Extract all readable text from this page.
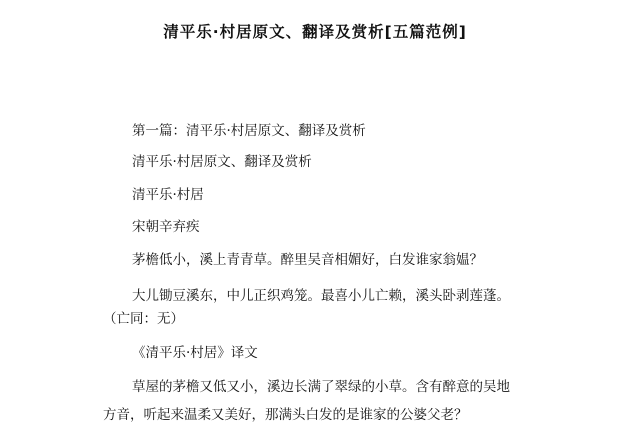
清平乐·村居原文、翻译及赏析[五篇范例]
第一篇：清平乐·村居原文、翻译及赏析
清平乐·村居原文、翻译及赏析
清平乐·村居
宋朝辛弃疾
茅檐低小，溪上青青草。醉里吴音相媚好，白发谁家翁媪？
大儿锄豆溪东，中儿正织鸡笼。最喜小儿亡赖，溪头卧剥莲蓬。
（亡同：无）
《清平乐·村居》译文
草屋的茅檐又低又小，溪边长满了翠绿的小草。含有醉意的吴地
方音，听起来温柔又美好，那满头白发的是谁家的公婆父老？
